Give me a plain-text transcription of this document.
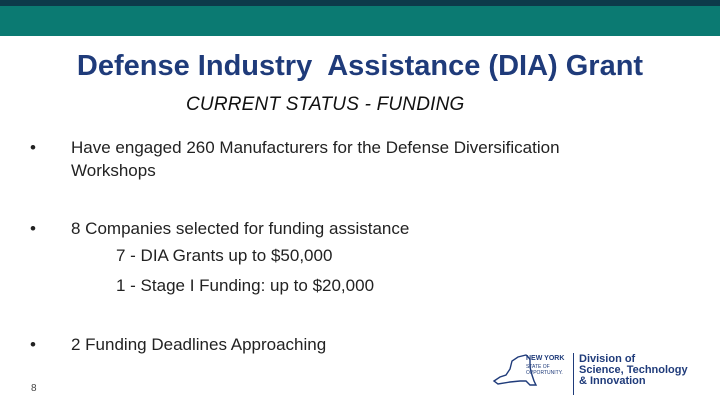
Defense Industry  Assistance (DIA) Grant
CURRENT STATUS - FUNDING
•	Have engaged 260 Manufacturers for the Defense Diversification
Workshops
•	8 Companies selected for funding assistance
7 - DIA Grants up to $50,000
1 - Stage I Funding: up to $20,000
•	2 Funding Deadlines Approaching
8
NEW YORK
STATE OF
OPPORTUNITY.
Division of
Science, Technology
& Innovation
